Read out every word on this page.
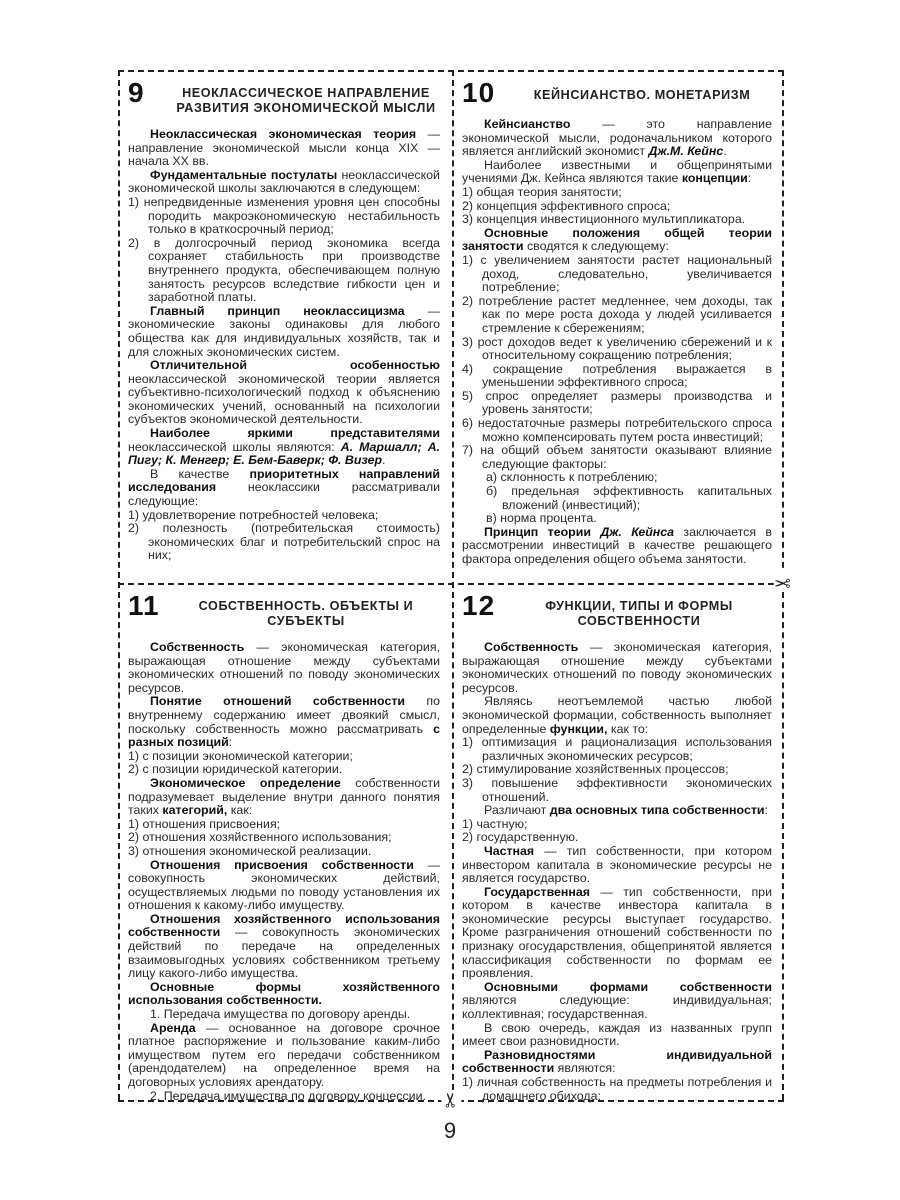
9	НЕОКЛАССИЧЕСКОЕ НАПРАВЛЕНИЕ РАЗВИТИЯ ЭКОНОМИЧЕСКОЙ МЫСЛИ

Неоклассическая экономическая теория — направление экономической мысли конца XIX — начала XX вв.

Фундаментальные постулаты неоклассической экономической школы заключаются в следующем:

1) непредвиденные изменения уровня цен способны породить макроэкономическую нестабильность только в краткосрочный период;

2) в долгосрочный период экономика всегда сохраняет стабильность при производстве внутреннего продукта, обеспечивающем полную занятость ресурсов вследствие гибкости цен и заработной платы.

Главный принцип неоклассицизма — экономические законы одинаковы для любого общества как для индивидуальных хозяйств, так и для сложных экономических систем.

Отличительной особенностью неоклассической экономической теории является субъективно-психологический подход к объяснению экономических учений, основанный на психологии субъектов экономической деятельности.

Наиболее яркими представителями неоклассической школы являются: А. Маршалл; А. Пигу; К. Менгер; Е. Бем-Баверк; Ф. Визер.

В качестве приоритетных направлений исследования неоклассики рассматривали следующие:

1) удовлетворение потребностей человека;

2) полезность (потребительская стоимость) экономических благ и потребительский спрос на них;

10	КЕЙНСИАНСТВО. МОНЕТАРИЗМ

Кейнсианство — это направление экономической мысли, родоначальником которого является английский экономист Дж.М. Кейнс.

Наиболее известными и общепринятыми учениями Дж. Кейнса являются такие концепции:

1) общая теория занятости;

2) концепция эффективного спроса;

3) концепция инвестиционного мультипликатора.

Основные положения общей теории занятости сводятся к следующему:

1) с увеличением занятости растет национальный доход, следовательно, увеличивается потребление;

2) потребление растет медленнее, чем доходы, так как по мере роста дохода у людей усиливается стремление к сбережениям;

3) рост доходов ведет к увеличению сбережений и к относительному сокращению потребления;

4) сокращение потребления выражается в уменьшении эффективного спроса;

5) спрос определяет размеры производства и уровень занятости;

6) недостаточные размеры потребительского спроса можно компенсировать путем роста инвестиций;

7) на общий объем занятости оказывают влияние следующие факторы:

а) склонность к потреблению;

б) предельная эффективность капитальных вложений (инвестиций);

в) норма процента.

Принцип теории Дж. Кейнса заключается в рассмотрении инвестиций в качестве решающего фактора определения общего объема занятости.

11	СОБСТВЕННОСТЬ. ОБЪЕКТЫ И СУБЪЕКТЫ

Собственность — экономическая категория, выражающая отношение между субъектами экономических отношений по поводу экономических ресурсов.

Понятие отношений собственности по внутреннему содержанию имеет двоякий смысл, поскольку собственность можно рассматривать с разных позиций:

1) с позиции экономической категории;

2) с позиции юридической категории.

Экономическое определение собственности подразумевает выделение внутри данного понятия таких категорий, как:

1) отношения присвоения;

2) отношения хозяйственного использования;

3) отношения экономической реализации.

Отношения присвоения собственности — совокупность экономических действий, осуществляемых людьми по поводу установления их отношения к какому-либо имуществу.

Отношения хозяйственного использования собственности — совокупность экономических действий по передаче на определенных взаимовыгодных условиях собственником третьему лицу какого-либо имущества.

Основные формы хозяйственного использования собственности.

1. Передача имущества по договору аренды.

Аренда — основанное на договоре срочное платное распоряжение и пользование каким-либо имуществом путем его передачи собственником (арендодателем) на определенное время на договорных условиях арендатору.

2. Передача имущества по договору концессии.

12	ФУНКЦИИ, ТИПЫ И ФОРМЫ СОБСТВЕННОСТИ

Собственность — экономическая категория, выражающая отношение между субъектами экономических отношений по поводу экономических ресурсов.

Являясь неотъемлемой частью любой экономической формации, собственность выполняет определенные функции, как то:

1) оптимизация и рационализация использования различных экономических ресурсов;

2) стимулирование хозяйственных процессов;

3) повышение эффективности экономических отношений.

Различают два основных типа собственности:

1) частную;

2) государственную.

Частная — тип собственности, при котором инвестором капитала в экономические ресурсы не является государство.

Государственная — тип собственности, при котором в качестве инвестора капитала в экономические ресурсы выступает государство. Кроме разграничения отношений собственности по признаку огосударствления, общепринятой является классификация собственности по формам ее проявления.

Основными формами собственности являются следующие: индивидуальная; коллективная; государственная.

В свою очередь, каждая из названных групп имеет свои разновидности.

Разновидностями индивидуальной собственности являются:

1) личная собственность на предметы потребления и домашнего обихода;

✂
✂
9
